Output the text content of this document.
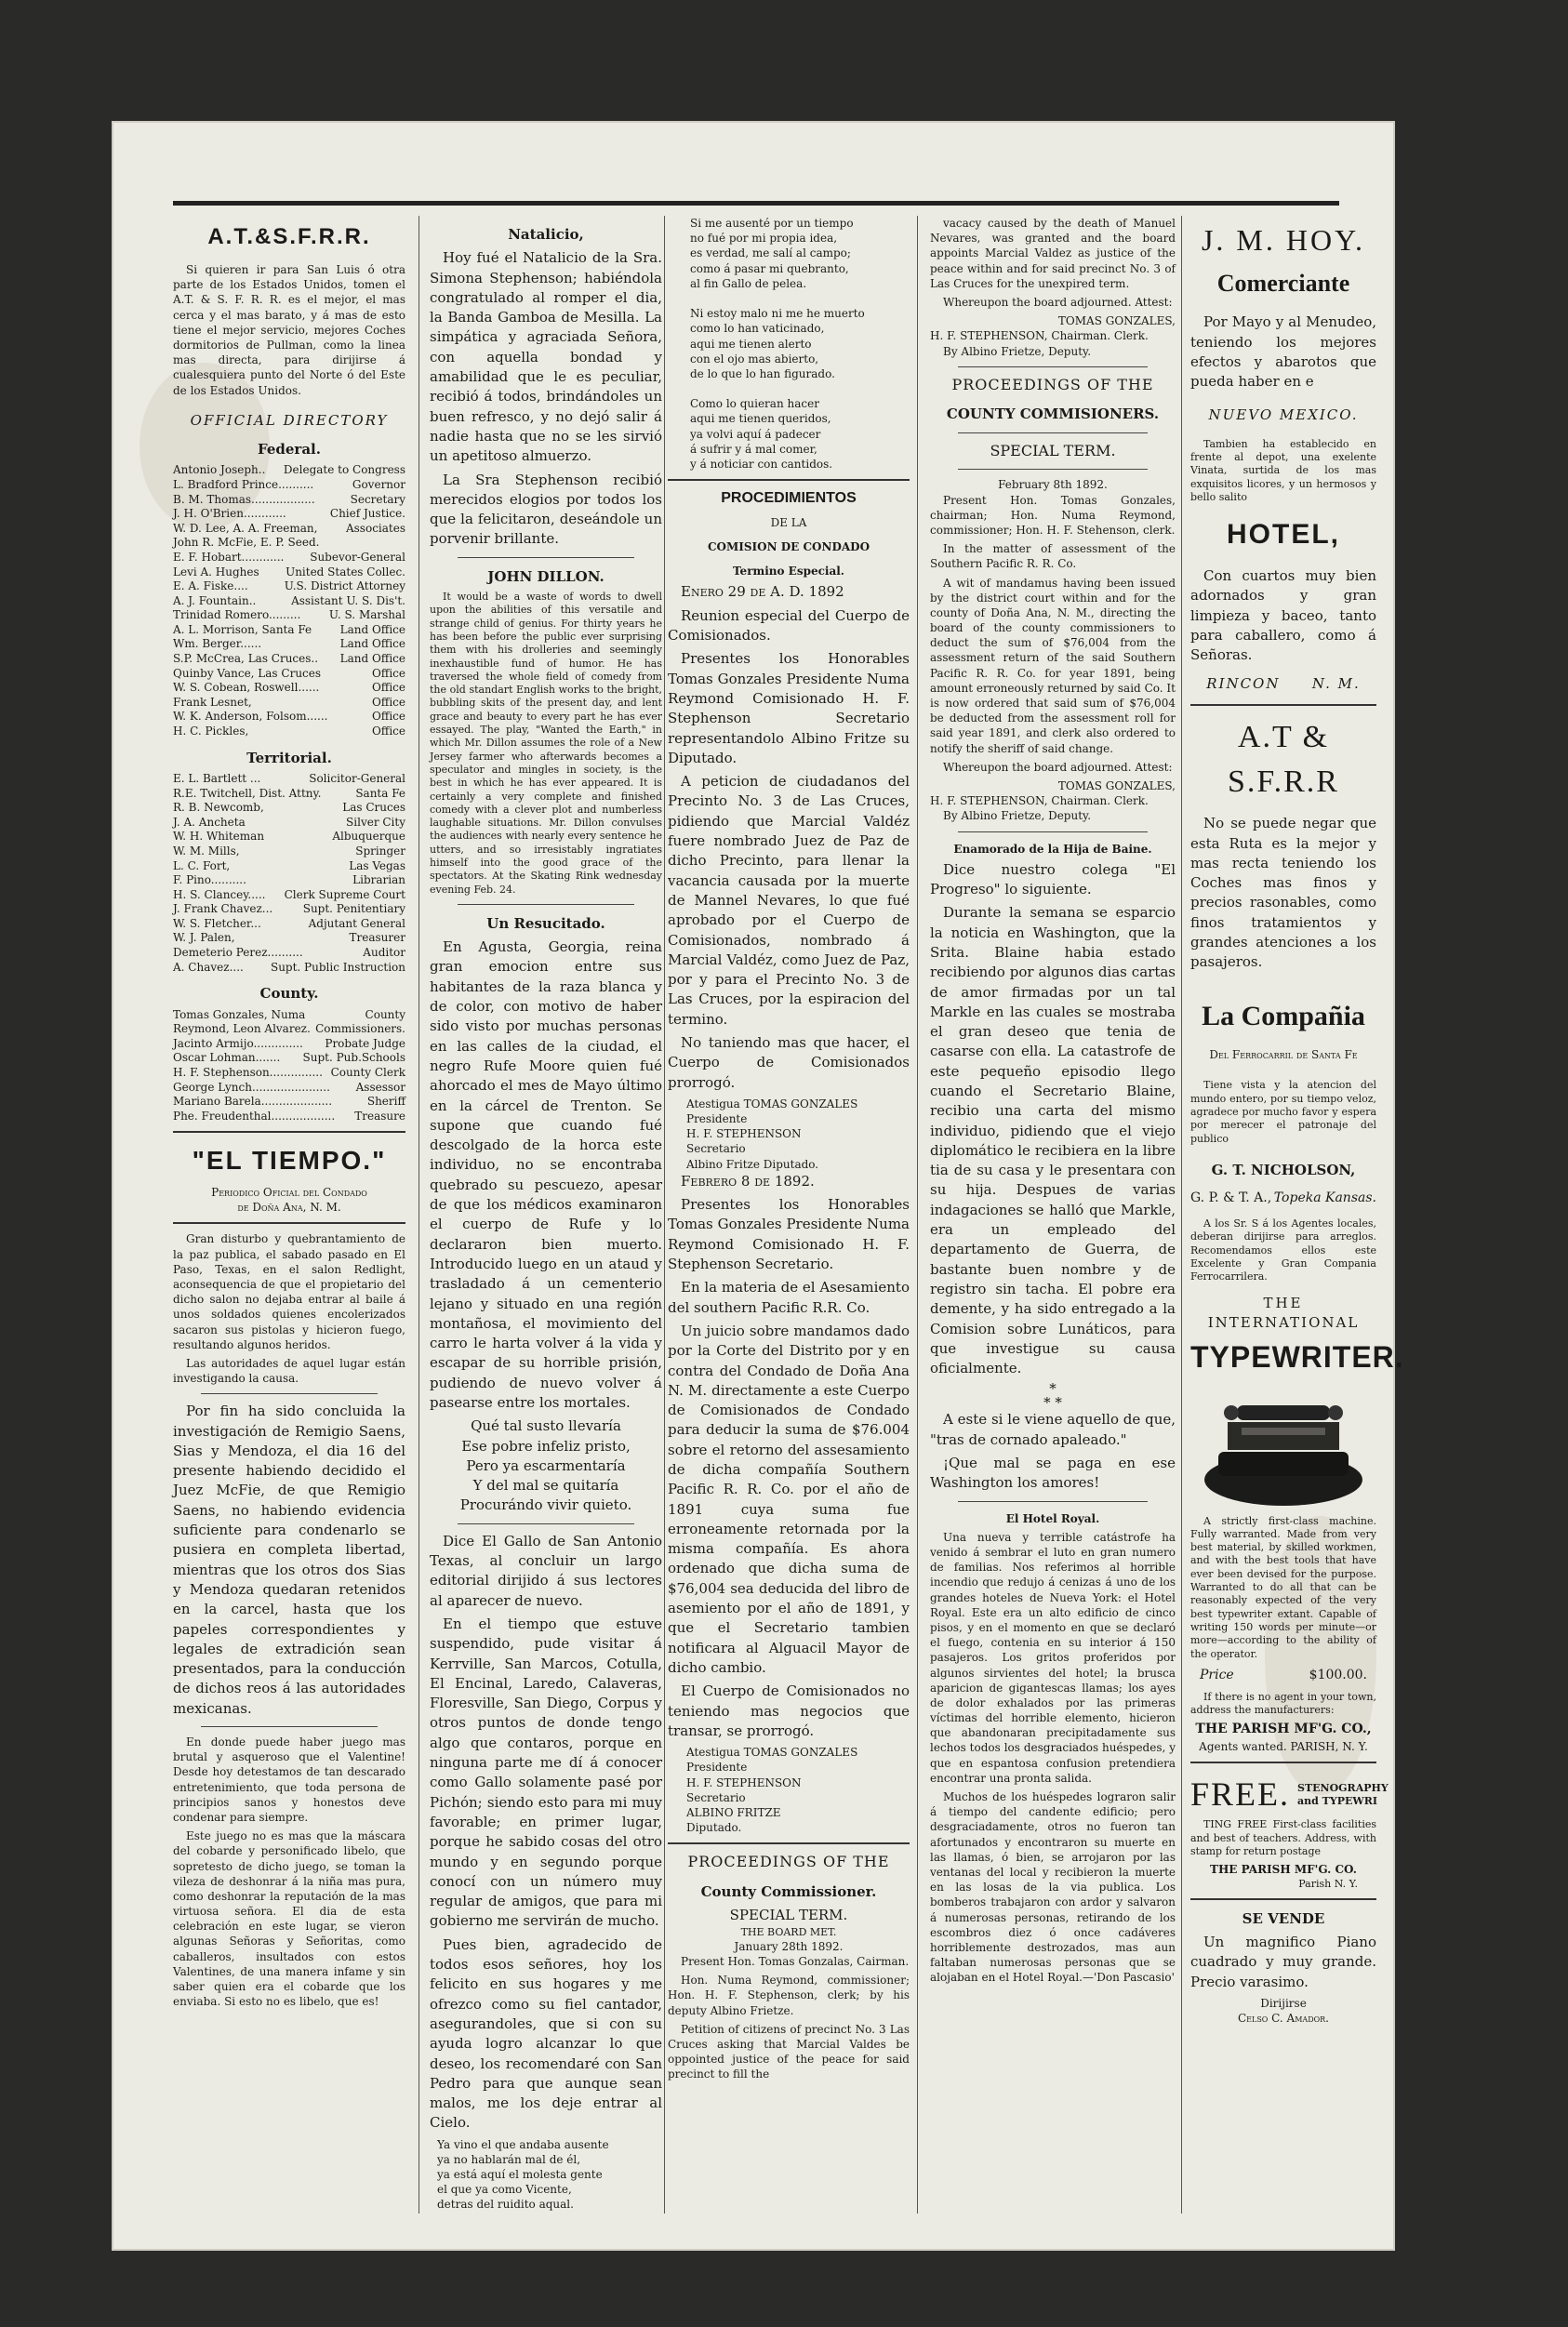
A.T.&S.F.R.R.

Si quieren ir para San Luis ó otra parte de los Estados Unidos, tomen el A.T. & S. F. R. R. es el mejor, el mas cerca y el mas barato, y á mas de esto tiene el mejor servicio, mejores Coches dormitorios de Pullman, como la linea mas directa, para dirijirse á cualesquiera punto del Norte ó del Este de los Estados Unidos.

OFFICIAL DIRECTORY
Federal.
Antonio Joseph.. Delegate to Congress
L. Bradford Prince..........	Governor
B. M. Thomas..................	Secretary
J. H. O'Brien............	Chief Justice.
W. D. Lee, A. A. Freeman, John R. McFie, E. P. Seed.
Associates
E. F. Hobart............ Subevor-General
Levi A. Hughes United States Collec.
E. A. Fiske....	U.S. District Attorney
A. J. Fountain..	Assistant U. S. Dis't.
Trinidad Romero.........	U. S. Marshal
A. L. Morrison, Santa Fe	Land Office
Wm. Berger......	Land Office
S.P. McCrea, Las Cruces.. Land Office
Quinby Vance, Las Cruces	Office
W. S. Cobean, Roswell......	Office
Frank Lesnet,	Office
W. K. Anderson, Folsom......	Office
H. C. Pickles,	Office
Territorial.
E. L. Bartlett ...	Solicitor-General
R.E. Twitchell, Dist. Attny.	Santa Fe
R. B. Newcomb,	Las Cruces
J. A. Ancheta	Silver City
W. H. Whiteman	Albuquerque
W. M. Mills,	Springer
L. C. Fort,	Las Vegas
F. Pino..........	Librarian
H. S. Clancey..... Clerk Supreme Court
J. Frank Chavez...	Supt. Penitentiary
W. S. Fletcher...	Adjutant General
W. J. Palen,	Treasurer
Demeterio Perez..........	Auditor
A. Chavez.... Supt. Public Instruction
County.
Tomas Gonzales, Numa Reymond, Leon Alvarez.
County Commissioners.
Jacinto Armijo.............. Probate Judge
Oscar Lohman....... Supt. Pub.Schools
H. F. Stephenson............... County Clerk
George Lynch...................... Assessor
Mariano Barela....................	Sheriff
Phe. Freudenthal.................. Treasure
"EL TIEMPO."
Periodico Oficial del Condado
de Doña Ana, N. M.

Gran disturbo y quebrantamiento de la paz publica, el sabado pasado en El Paso, Texas, en el salon Redlight, aconsequencia de que el propietario del dicho salon no dejaba entrar al baile á unos soldados quienes encolerizados sacaron sus pistolas y hicieron fuego, resultando algunos heridos.

Las autoridades de aquel lugar están investigando la causa.

Por fin ha sido concluida la investigación de Remigio Saens, Sias y Mendoza, el dia 16 del presente habiendo decidido el Juez McFie, de que Remigio Saens, no habiendo evidencia suficiente para condenarlo se pusiera en completa libertad, mientras que los otros dos Sias y Mendoza quedaran retenidos en la carcel, hasta que los papeles correspondientes y legales de extradición sean presentados, para la conducción de dichos reos á las autoridades mexicanas.

En donde puede haber juego mas brutal y asqueroso que el Valentine! Desde hoy detestamos de tan descarado entretenimiento, que toda persona de principios sanos y honestos deve condenar para siempre.

Este juego no es mas que la máscara del cobarde y personificado libelo, que sopretesto de dicho juego, se toman la vileza de deshonrar á la niña mas pura, como deshonrar la reputación de la mas virtuosa señora. El dia de esta celebración en este lugar, se vieron algunas Señoras y Señoritas, como caballeros, insultados con estos Valentines, de una manera infame y sin saber quien era el cobarde que los enviaba. Si esto no es libelo, que es!

Natalicio,

Hoy fué el Natalicio de la Sra. Simona Stephenson; habiéndola congratulado al romper el dia, la Banda Gamboa de Mesilla. La simpática y agraciada Señora, con aquella bondad y amabilidad que le es peculiar, recibió á todos, brindándoles un buen refresco, y no dejó salir á nadie hasta que no se les sirvió un apetitoso almuerzo.

La Sra Stephenson recibió merecidos elogios por todos los que la felicitaron, deseándole un porvenir brillante.

JOHN DILLON.

It would be a waste of words to dwell upon the abilities of this versatile and strange child of genius. For thirty years he has been before the public ever surprising them with his drolleries and seemingly inexhaustible fund of humor. He has traversed the whole field of comedy from the old standart English works to the bright, bubbling skits of the present day, and lent grace and beauty to every part he has ever essayed. The play, "Wanted the Earth," in which Mr. Dillon assumes the role of a New Jersey farmer who afterwards becomes a speculator and mingles in society, is the best in which he has ever appeared. It is certainly a very complete and finished comedy with a clever plot and numberless laughable situations. Mr. Dillon convulses the audiences with nearly every sentence he utters, and so irresistably ingratiates himself into the good grace of the spectators. At the Skating Rink wednesday evening Feb. 24.

Un Resucitado.

En Agusta, Georgia, reina gran emocion entre sus habitantes de la raza blanca y de color, con motivo de haber sido visto por muchas personas en las calles de la ciudad, el negro Rufe Moore quien fué ahorcado el mes de Mayo último en la cárcel de Trenton. Se supone que cuando fué descolgado de la horca este individuo, no se encontraba quebrado su pescuezo, apesar de que los médicos examinaron el cuerpo de Rufe y lo declararon bien muerto. Introducido luego en un ataud y trasladado á un cementerio lejano y situado en una región montañosa, el movimiento del carro le harta volver á la vida y escapar de su horrible prisión, pudiendo de nuevo volver á pasearse entre los mortales.

Qué tal susto llevaría
Ese pobre infeliz pristo,
Pero ya escarmentaría
Y del mal se quitaría
Procurándo vivir quieto.

Dice El Gallo de San Antonio Texas, al concluir un largo editorial dirijido á sus lectores al aparecer de nuevo.

En el tiempo que estuve suspendido, pude visitar á Kerrville, San Marcos, Cotulla, El Encinal, Laredo, Calaveras, Floresville, San Diego, Corpus y otros puntos de donde tengo algo que contaros, porque en ninguna parte me dí á conocer como Gallo solamente pasé por Pichón; siendo esto para mi muy favorable; en primer lugar, porque he sabido cosas del otro mundo y en segundo porque conocí con un número muy regular de amigos, que para mi gobierno me servirán de mucho.

Pues bien, agradecido de todos esos señores, hoy los felicito en sus hogares y me ofrezco como su fiel cantador, asegurandoles, que si con su ayuda logro alcanzar lo que deseo, los recomendaré con San Pedro para que aunque sean malos, me los deje entrar al Cielo.

Ya vino el que andaba ausente
ya no hablarán mal de él,
ya está aquí el molesta gente
el que ya como Vicente,
detras del ruidito aqual.
Si me ausenté por un tiempo
no fué por mi propia idea,
es verdad, me salí al campo;
como á pasar mi quebranto,
al fin Gallo de pelea.

Ni estoy malo ni me he muerto
como lo han vaticinado,
aqui me tienen alerto
con el ojo mas abierto,
de lo que lo han figurado.

Como lo quieran hacer
aqui me tienen queridos,
ya volvi aquí á padecer
á sufrir y á mal comer,
y á noticiar con cantidos.
PROCEDIMIENTOS
DE LA
COMISION DE CONDADO
Termino Especial.

Enero 29 de A. D. 1892

Reunion especial del Cuerpo de Comisionados.

Presentes los Honorables Tomas Gonzales Presidente Numa Reymond Comisionado H. F. Stephenson Secretario representandolo Albino Fritze su Diputado.

A peticion de ciudadanos del Precinto No. 3 de Las Cruces, pidiendo que Marcial Valdéz fuere nombrado Juez de Paz de dicho Precinto, para llenar la vacancia causada por la muerte de Mannel Nevares, lo que fué aprobado por el Cuerpo de Comisionados, nombrado á Marcial Valdéz, como Juez de Paz, por y para el Precinto No. 3 de Las Cruces, por la espiracion del termino.

No taniendo mas que hacer, el Cuerpo de Comisionados prorrogó.

Atestigua TOMAS GONZALES
Presidente
H. F. STEPHENSON
Secretario
Albino Fritze Diputado.

Febrero 8 de 1892.

Presentes los Honorables Tomas Gonzales Presidente Numa Reymond Comisionado H. F. Stephenson Secretario.

En la materia de el Asesamiento del southern Pacific R.R. Co.

Un juicio sobre mandamos dado por la Corte del Distrito por y en contra del Condado de Doña Ana N. M. directamente a este Cuerpo de Comisionados de Condado para deducir la suma de $76.004 sobre el retorno del assesamiento de dicha compañía Southern Pacific R. R. Co. por el año de 1891 cuya suma fue erroneamente retornada por la misma compañía. Es ahora ordenado que dicha suma de $76,004 sea deducida del libro de asemiento por el año de 1891, y que el Secretario tambien notificara al Alguacil Mayor de dicho cambio.

El Cuerpo de Comisionados no teniendo mas negocios que transar, se prorrogó.

Atestigua TOMAS GONZALES
Presidente
H. F. STEPHENSON
Secretario
ALBINO FRITZE
Diputado.
PROCEEDINGS OF THE
County Commissioner.
SPECIAL TERM.
THE BOARD MET.
January 28th 1892.

Present Hon. Tomas Gonzalas, Cairman.

Hon. Numa Reymond, commissioner; Hon. H. F. Stephenson, clerk; by his deputy Albino Frietze.

Petition of citizens of precinct No. 3 Las Cruces asking that Marcial Valdes be oppointed justice of the peace for said precinct to fill the

vacacy caused by the death of Manuel Nevares, was granted and the board appoints Marcial Valdez as justice of the peace within and for said precinct No. 3 of Las Cruces for the unexpired term.

Whereupon the board adjourned. Attest:

TOMAS GONZALES,
H. F. STEPHENSON, Chairman. Clerk.
By Albino Frietze, Deputy.
PROCEEDINGS OF THE
COUNTY COMMISIONERS.
SPECIAL TERM.
February 8th 1892.

Present Hon. Tomas Gonzales, chairman; Hon. Numa Reymond, commissioner; Hon. H. F. Stehenson, clerk.

In the matter of assessment of the Southern Pacific R. R. Co.

A wit of mandamus having been issued by the district court within and for the county of Doña Ana, N. M., directing the board of the county commissioners to deduct the sum of $76,004 from the assessment return of the said Southern Pacific R. R. Co. for year 1891, being amount erroneously returned by said Co. It is now ordered that said sum of $76,004 be deducted from the assessment roll for said year 1891, and clerk also ordered to notify the sheriff of said change.

Whereupon the board adjourned. Attest:

TOMAS GONZALES,
H. F. STEPHENSON, Chairman. Clerk.
By Albino Frietze, Deputy.
Enamorado de la Hija de Baine.

Dice nuestro colega "El Progreso" lo siguiente.

Durante la semana se esparcio la noticia en Washington, que la Srita. Blaine habia estado recibiendo por algunos dias cartas de amor firmadas por un tal Markle en las cuales se mostraba el gran deseo que tenia de casarse con ella. La catastrofe de este pequeño episodio llego cuando el Secretario Blaine, recibio una carta del mismo individuo, pidiendo que el viejo diplomático le recibiera en la libre tia de su casa y le presentara con su hija. Despues de varias indagaciones se halló que Markle, era un empleado del departamento de Guerra, de bastante buen nombre y de registro sin tacha. El pobre era demente, y ha sido entregado a la Comision sobre Lunáticos, para que investigue su causa oficialmente.

*
* *

A este si le viene aquello de que, "tras de cornado apaleado."

¡Que mal se paga en ese Washington los amores!

El Hotel Royal.

Una nueva y terrible catástrofe ha venido á sembrar el luto en gran numero de familias. Nos referimos al horrible incendio que redujo á cenizas á uno de los grandes hoteles de Nueva York: el Hotel Royal. Este era un alto edificio de cinco pisos, y en el momento en que se declaró el fuego, contenia en su interior á 150 pasajeros. Los gritos proferidos por algunos sirvientes del hotel; la brusca aparicion de gigantescas llamas; los ayes de dolor exhalados por las primeras víctimas del horrible elemento, hicieron que abandonaran precipitadamente sus lechos todos los desgraciados huéspedes, y que en espantosa confusion pretendiera encontrar una pronta salida.

Muchos de los huéspedes lograron salir á tiempo del candente edificio; pero desgraciadamente, otros no fueron tan afortunados y encontraron su muerte en las llamas, ó bien, se arrojaron por las ventanas del local y recibieron la muerte en las losas de la via publica. Los bomberos trabajaron con ardor y salvaron á numerosas personas, retirando de los escombros diez ó once cadáveres horriblemente destrozados, mas aun faltaban numerosas personas que se alojaban en el Hotel Royal.—'Don Pascasio'

J. M. HOY.
Comerciante

Por Mayo y al Menudeo, teniendo los mejores efectos y abarotos que pueda haber en e

NUEVO MEXICO.

Tambien ha establecido en frente al depot, una exelente Vinata, surtida de los mas exquisitos licores, y un hermosos y bello salito

HOTEL,

Con cuartos muy bien adornados y gran limpieza y baceo, tanto para caballero, como á Señoras.

RINCON N. M.
A.T & S.F.R.R

No se puede negar que esta Ruta es la mejor y mas recta teniendo los Coches mas finos y precios rasonables, como finos tratamientos y grandes atenciones a los pasajeros.

La Compañia
Del Ferrocarril de Santa Fe

Tiene vista y la atencion del mundo entero, por su tiempo veloz, agradece por mucho favor y espera por merecer el patronaje del publico

G. T. NICHOLSON,
G. P. & T. A., Topeka Kansas.

A los Sr. S á los Agentes locales, deberan dirijirse para arreglos. Recomendamos ellos este Excelente y Gran Compania Ferrocarrilera.

THE
INTERNATIONAL
TYPEWRITER.

A strictly first-class machine. Fully warranted. Made from very best material, by skilled workmen, and with the best tools that have ever been devised for the purpose. Warranted to do all that can be reasonably expected of the very best typewriter extant. Capable of writing 150 words per minute—or more—according to the ability of the operator.

Price	$100.00.

If there is no agent in your town, address the manufacturers:

THE PARISH MF'G. CO.,
Agents wanted. PARISH, N. Y.
FREE. STENOGRAPHY and TYPEWRI

TING FREE First-class facilities and best of teachers. Address, with stamp for return postage

THE PARISH MF'G. CO.
Parish N. Y.
SE VENDE

Un magnifico Piano cuadrado y muy grande. Precio varasimo.

Dirijirse
Celso C. Amador.
